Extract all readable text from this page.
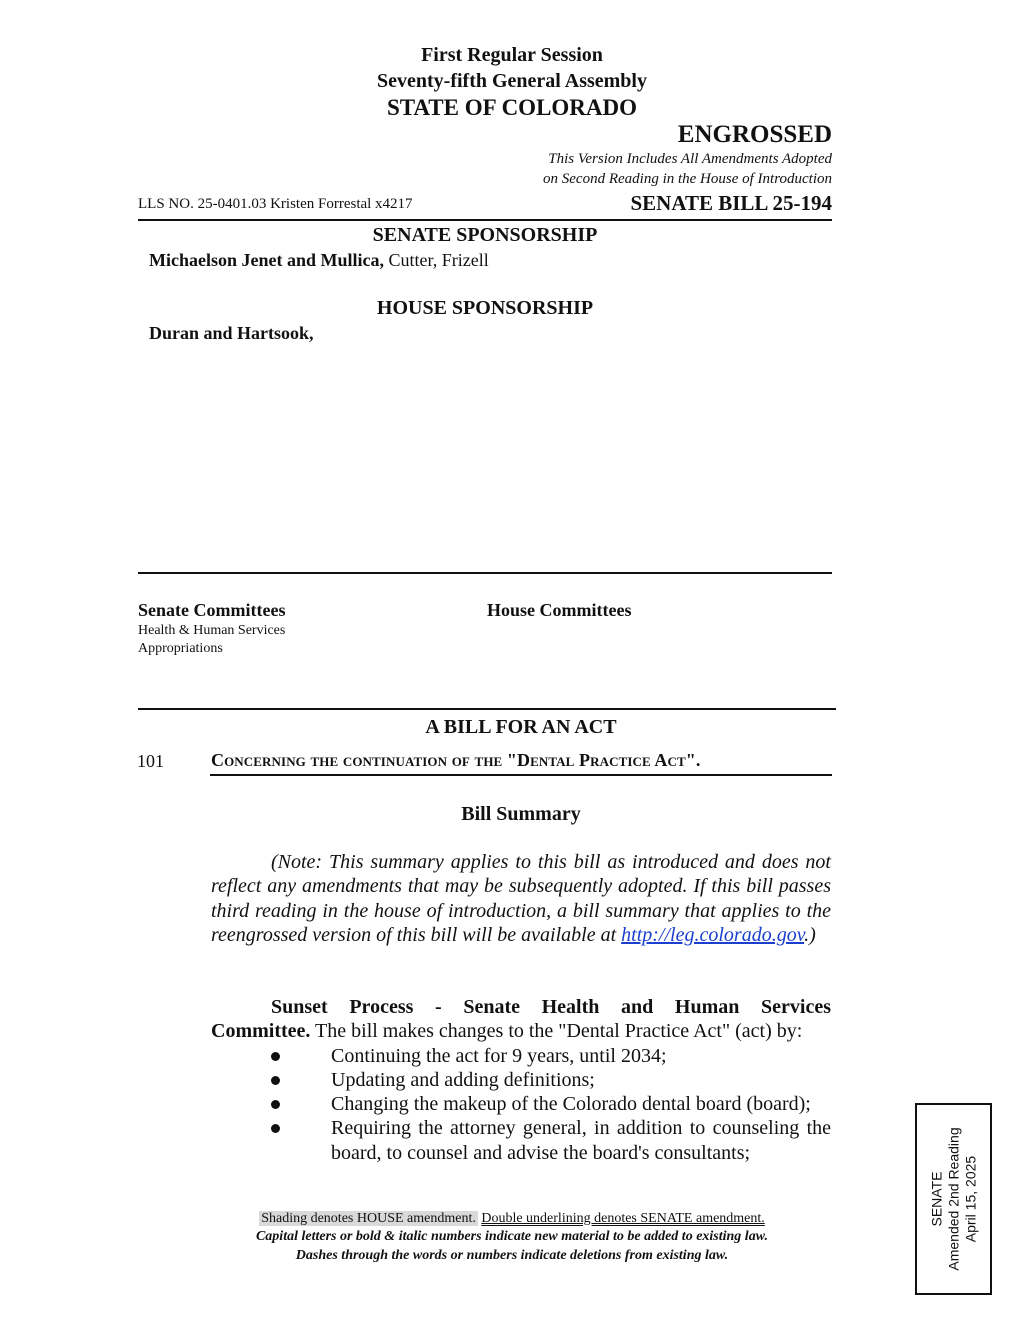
First Regular Session
Seventy-fifth General Assembly
STATE OF COLORADO
ENGROSSED
This Version Includes All Amendments Adopted
on Second Reading in the House of Introduction
LLS NO. 25-0401.03 Kristen Forrestal x4217	SENATE BILL 25-194
SENATE SPONSORSHIP
Michaelson Jenet and Mullica, Cutter, Frizell
HOUSE SPONSORSHIP
Duran and Hartsook,
Senate Committees
Health & Human Services
Appropriations
House Committees
A BILL FOR AN ACT
101	Concerning the continuation of the "Dental Practice Act".
Bill Summary

(Note: This summary applies to this bill as introduced and does not reflect any amendments that may be subsequently adopted. If this bill passes third reading in the house of introduction, a bill summary that applies to the reengrossed version of this bill will be available at http://leg.colorado.gov.)

Sunset Process - Senate Health and Human Services Committee. The bill makes changes to the "Dental Practice Act" (act) by:

Continuing the act for 9 years, until 2034;
Updating and adding definitions;
Changing the makeup of the Colorado dental board (board);
Requiring the attorney general, in addition to counseling the board, to counsel and advise the board's consultants;
Shading denotes HOUSE amendment. Double underlining denotes SENATE amendment.
Capital letters or bold & italic numbers indicate new material to be added to existing law.
Dashes through the words or numbers indicate deletions from existing law.
SENATE Amended 2nd Reading April 15, 2025
